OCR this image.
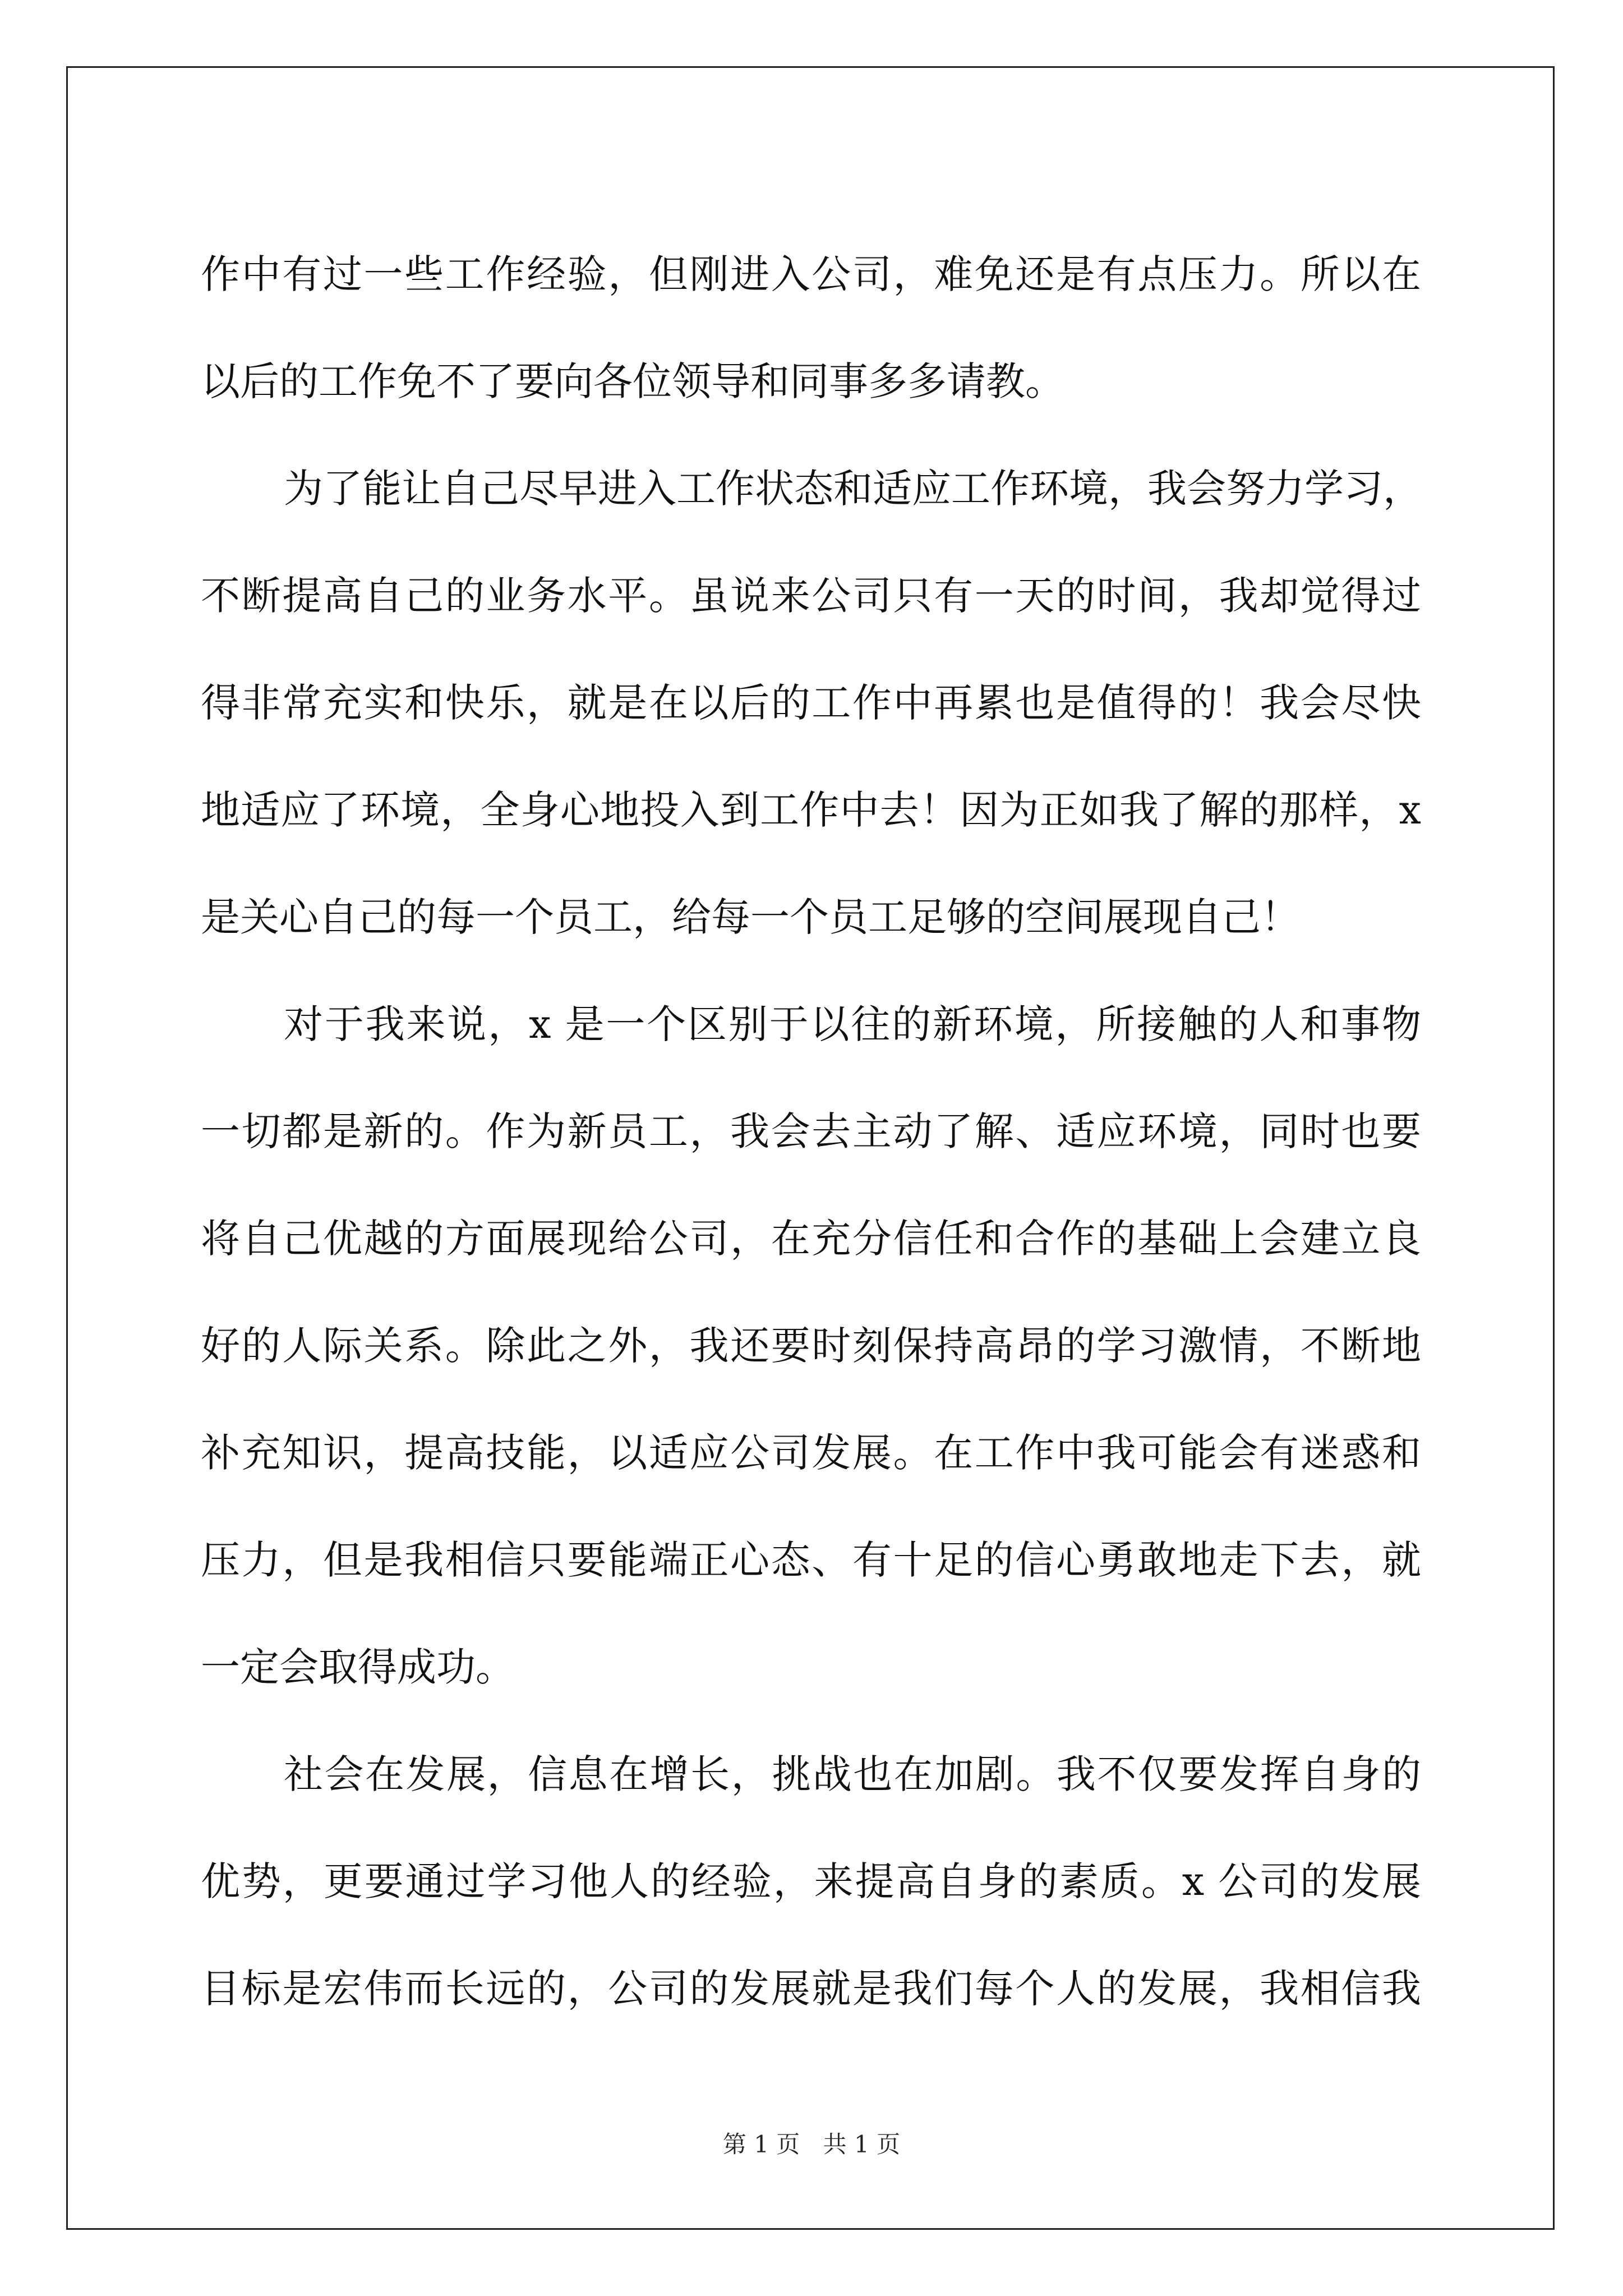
作中有过一些工作经验，但刚进入公司，难免还是有点压力。所以在
以后的工作免不了要向各位领导和同事多多请教。
为了能让自己尽早进入工作状态和适应工作环境，我会努力学习，
不断提高自己的业务水平。虽说来公司只有一天的时间，我却觉得过
得非常充实和快乐，就是在以后的工作中再累也是值得的！我会尽快
地适应了环境，全身心地投入到工作中去！因为正如我了解的那样，x
是关心自己的每一个员工，给每一个员工足够的空间展现自己！
对于我来说，x 是一个区别于以往的新环境，所接触的人和事物
一切都是新的。作为新员工，我会去主动了解、适应环境，同时也要
将自己优越的方面展现给公司，在充分信任和合作的基础上会建立良
好的人际关系。除此之外，我还要时刻保持高昂的学习激情，不断地
补充知识，提高技能，以适应公司发展。在工作中我可能会有迷惑和
压力，但是我相信只要能端正心态、有十足的信心勇敢地走下去，就
一定会取得成功。
社会在发展，信息在增长，挑战也在加剧。我不仅要发挥自身的
优势，更要通过学习他人的经验，来提高自身的素质。x 公司的发展
目标是宏伟而长远的，公司的发展就是我们每个人的发展，我相信我
第 1 页 共 1 页
